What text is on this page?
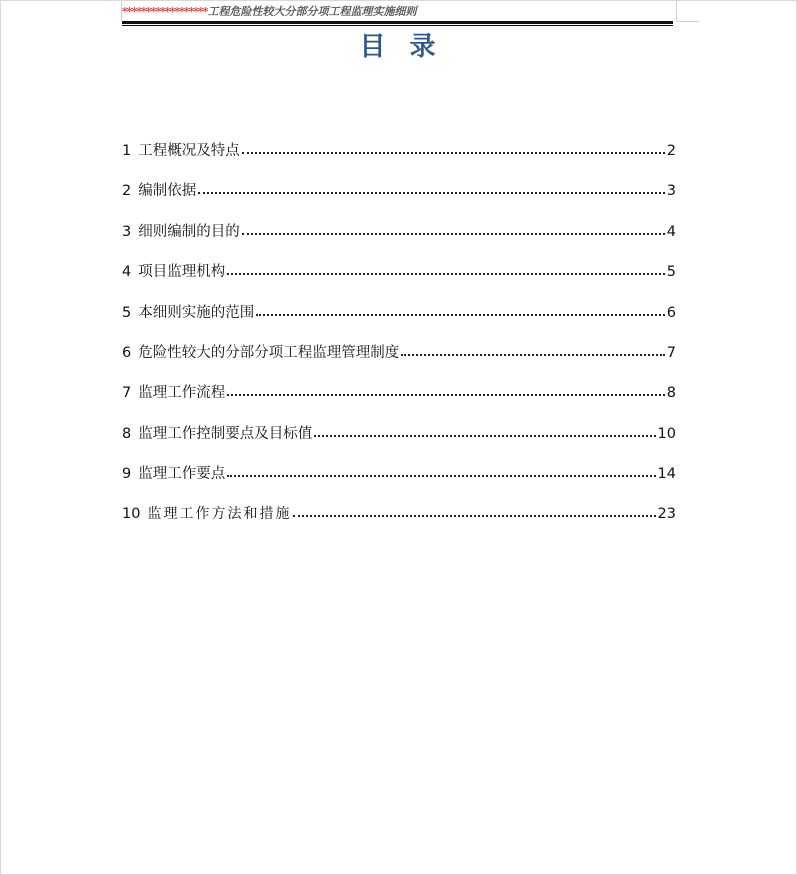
******************工程危险性较大分部分项工程监理实施细则
目录
1 工程概况及特点	2
2 编制依据	3
3 细则编制的目的	4
4 项目监理机构	5
5 本细则实施的范围	6
6 危险性较大的分部分项工程监理管理制度	7
7 监理工作流程	8
8 监理工作控制要点及目标值	10
9 监理工作要点	14
10 监理工作方法和措施	23
